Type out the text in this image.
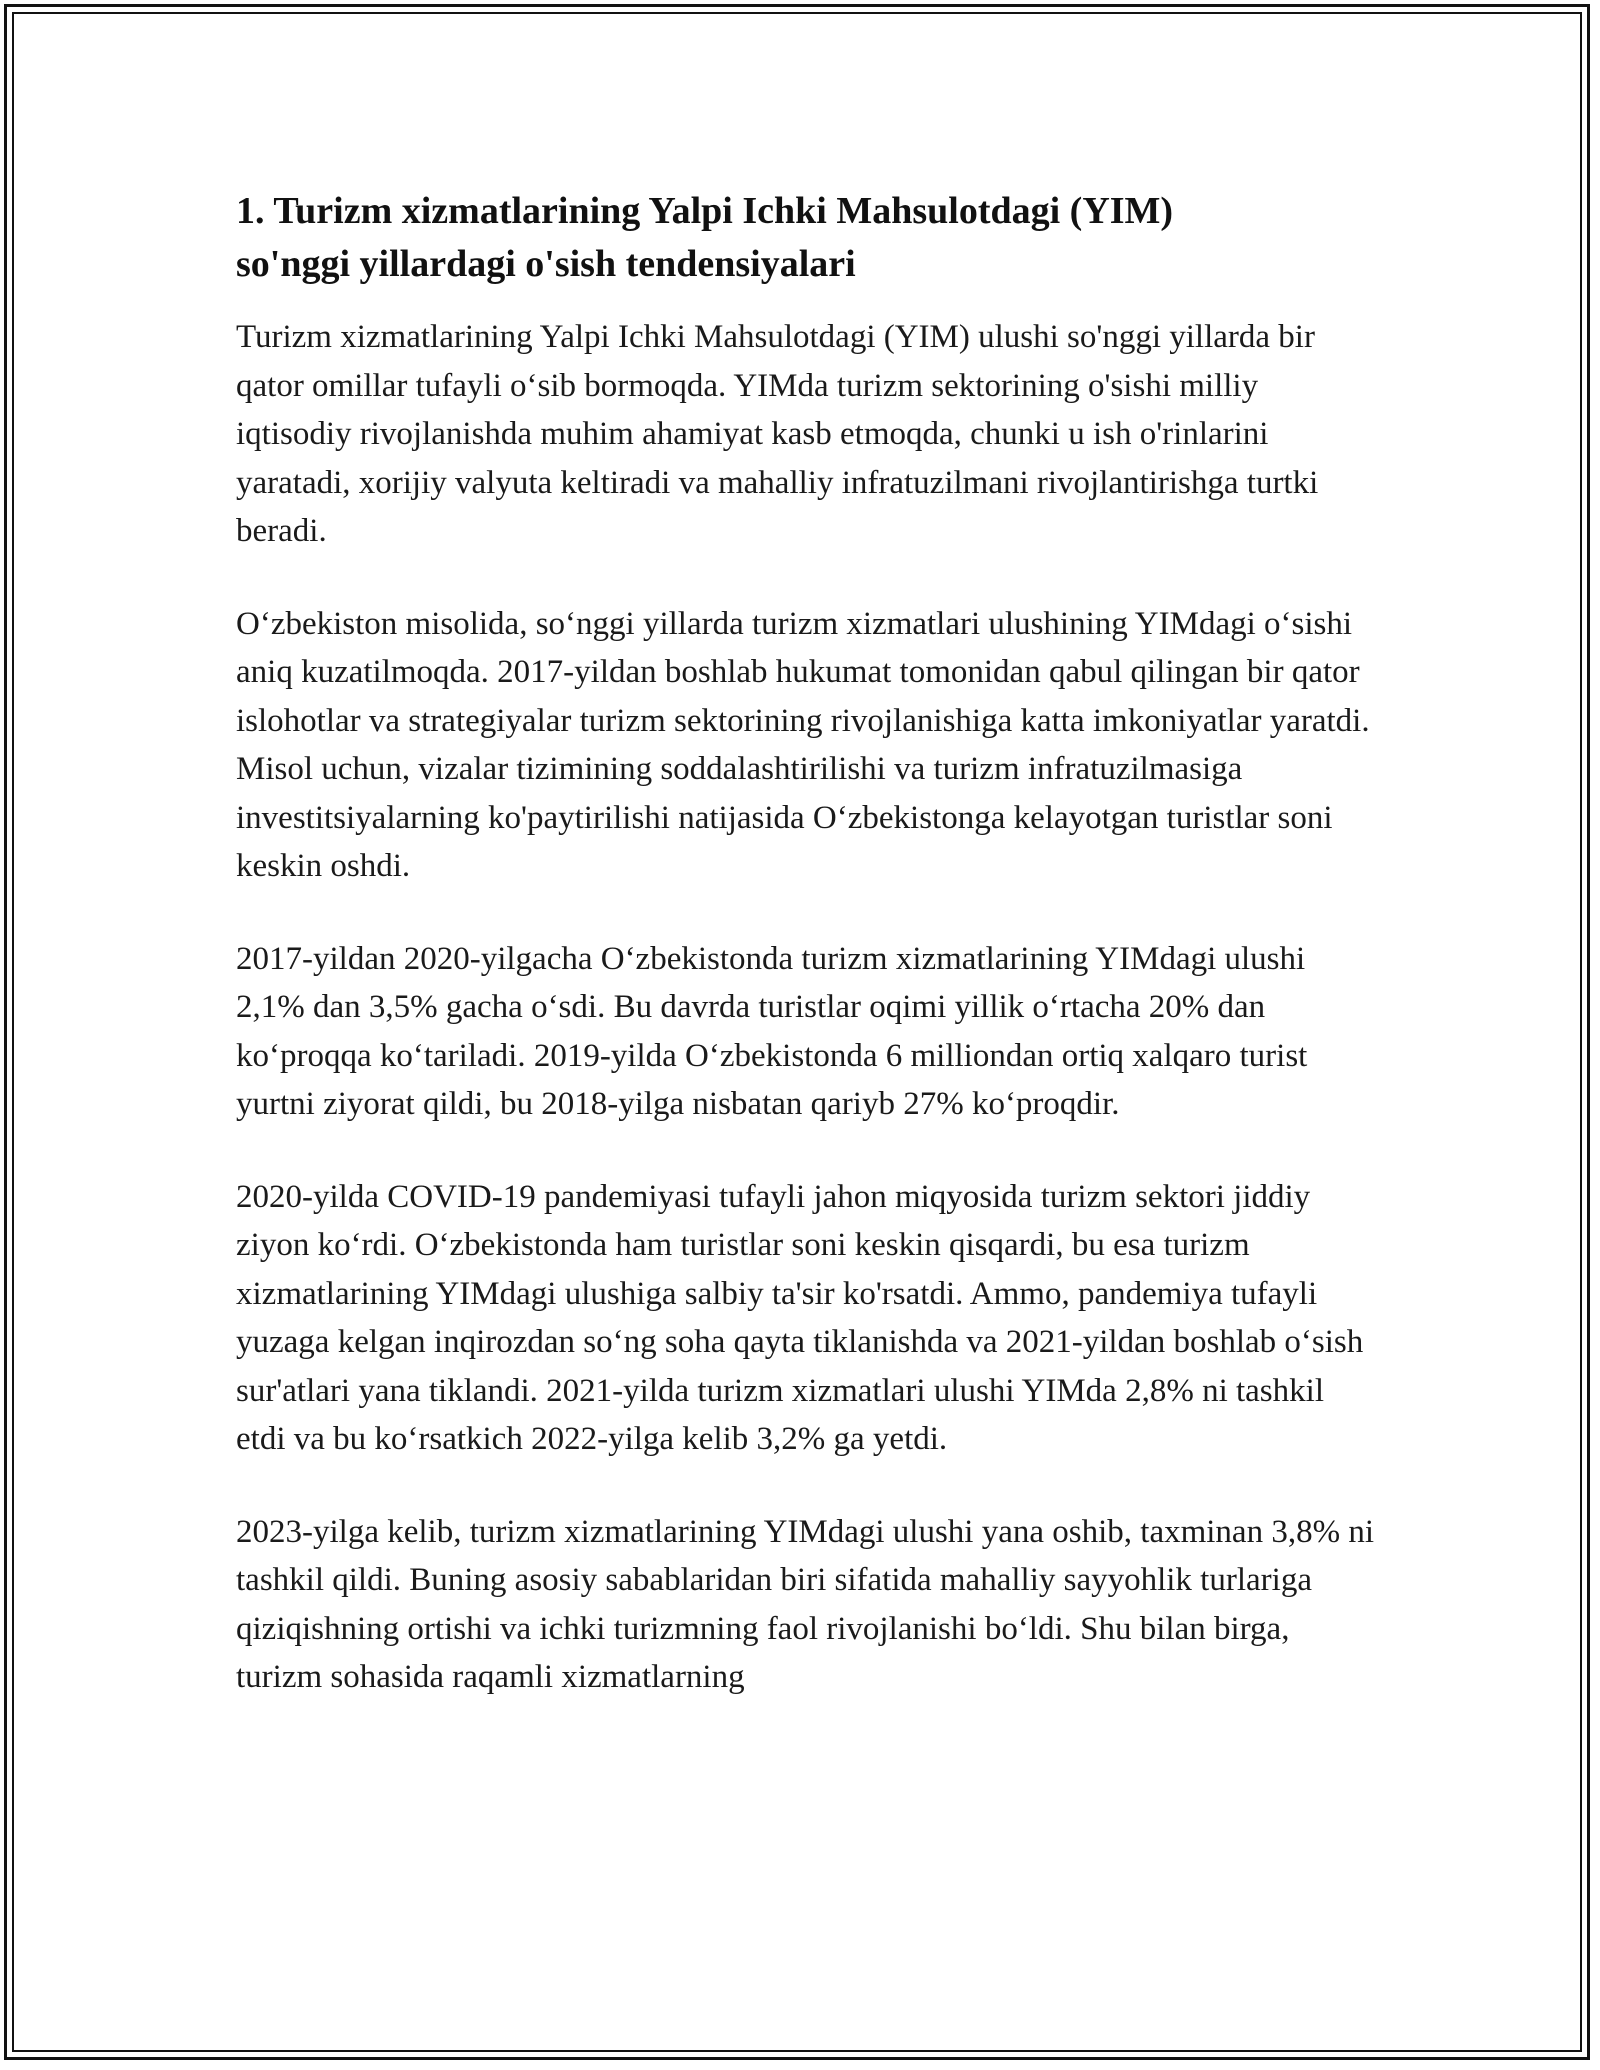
1. Turizm xizmatlarining Yalpi Ichki Mahsulotdagi (YIM)
so'nggi yillardagi o'sish tendensiyalari

Turizm xizmatlarining Yalpi Ichki Mahsulotdagi (YIM) ulushi so'nggi yillarda bir qator omillar tufayli o‘sib bormoqda. YIMda turizm sektorining o'sishi milliy iqtisodiy rivojlanishda muhim ahamiyat kasb etmoqda, chunki u ish o'rinlarini yaratadi, xorijiy valyuta keltiradi va mahalliy infratuzilmani rivojlantirishga turtki beradi.

O‘zbekiston misolida, so‘nggi yillarda turizm xizmatlari ulushining YIMdagi o‘sishi aniq kuzatilmoqda. 2017-yildan boshlab hukumat tomonidan qabul qilingan bir qator islohotlar va strategiyalar turizm sektorining rivojlanishiga katta imkoniyatlar yaratdi. Misol uchun, vizalar tizimining soddalashtirilishi va turizm infratuzilmasiga investitsiyalarning ko'paytirilishi natijasida O‘zbekistonga kelayotgan turistlar soni keskin oshdi.

2017-yildan 2020-yilgacha O‘zbekistonda turizm xizmatlarining YIMdagi ulushi 2,1% dan 3,5% gacha o‘sdi. Bu davrda turistlar oqimi yillik o‘rtacha 20% dan ko‘proqqa ko‘tariladi. 2019-yilda O‘zbekistonda 6 milliondan ortiq xalqaro turist yurtni ziyorat qildi, bu 2018-yilga nisbatan qariyb 27% ko‘proqdir.

2020-yilda COVID-19 pandemiyasi tufayli jahon miqyosida turizm sektori jiddiy ziyon ko‘rdi. O‘zbekistonda ham turistlar soni keskin qisqardi, bu esa turizm xizmatlarining YIMdagi ulushiga salbiy ta'sir ko'rsatdi. Ammo, pandemiya tufayli yuzaga kelgan inqirozdan so‘ng soha qayta tiklanishda va 2021-yildan boshlab o‘sish sur'atlari yana tiklandi. 2021-yilda turizm xizmatlari ulushi YIMda 2,8% ni tashkil etdi va bu ko‘rsatkich 2022-yilga kelib 3,2% ga yetdi.

2023-yilga kelib, turizm xizmatlarining YIMdagi ulushi yana oshib, taxminan 3,8% ni tashkil qildi. Buning asosiy sabablaridan biri sifatida mahalliy sayyohlik turlariga qiziqishning ortishi va ichki turizmning faol rivojlanishi bo‘ldi. Shu bilan birga, turizm sohasida raqamli xizmatlarning
